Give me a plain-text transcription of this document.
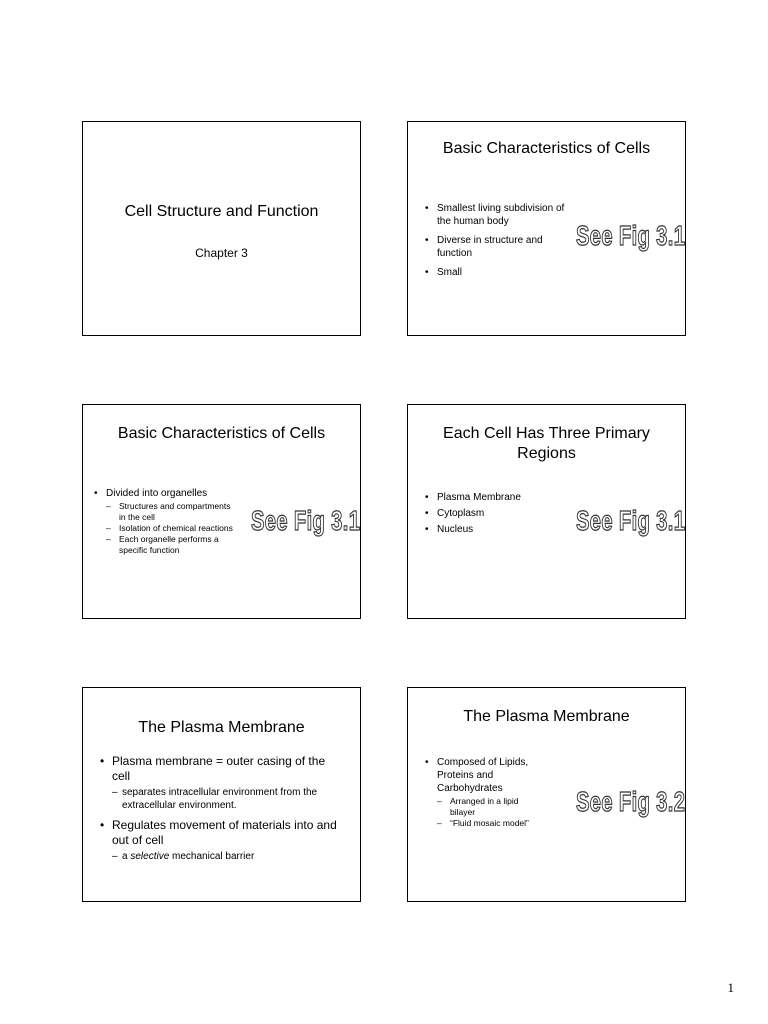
Cell Structure and Function
Chapter 3
Basic Characteristics of Cells
• Smallest living subdivision of the human body
• Diverse in structure and function
• Small
See Fig 3.1
Basic Characteristics of Cells
• Divided into organelles
– Structures and compartments in the cell
– Isolation of chemical reactions
– Each organelle performs a specific function
See Fig 3.1
Each Cell Has Three Primary Regions
• Plasma Membrane
• Cytoplasm
• Nucleus	See Fig 3.1
The Plasma Membrane
• Plasma membrane = outer casing of the cell
– separates intracellular environment from the extracellular environment.
• Regulates movement of materials into and out of cell
– a selective mechanical barrier
The Plasma Membrane
• Composed of Lipids, Proteins and Carbohydrates
– Arranged in a lipid bilayer
– “Fluid mosaic model”
See Fig 3.2
1
